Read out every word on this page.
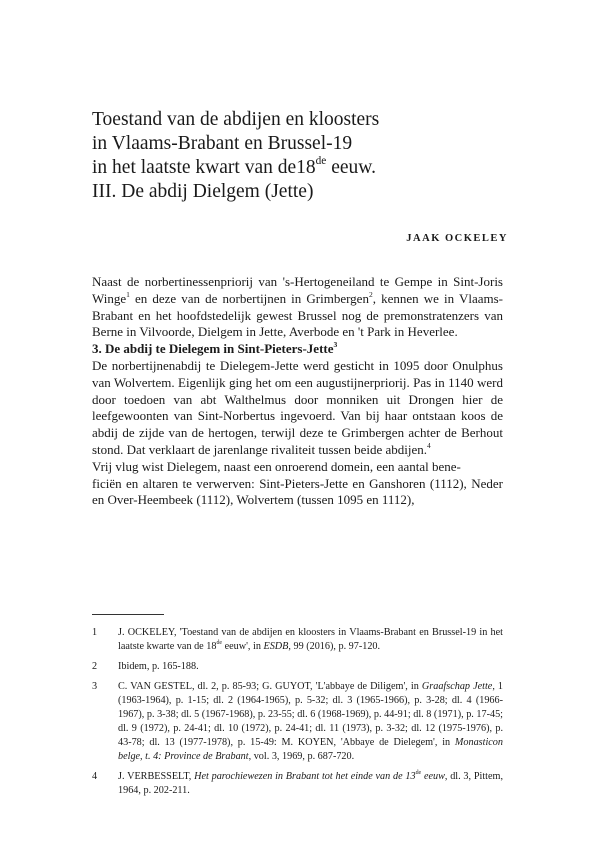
Toestand van de abdijen en kloosters
in Vlaams-Brabant en Brussel-19
in het laatste kwart van de18de eeuw.
III. De abdij Dielgem (Jette)
JAAK OCKELEY

Naast de norbertinessenpriorij van 's-Hertogeneiland te Gempe in Sint-Joris Winge$^1$ en deze van de norbertijnen in Grimbergen$^2$, kennen we in Vlaams-Brabant en het hoofdstedelijk gewest Brussel nog de premonstratenzers van Berne in Vilvoorde, Dielgem in Jette, Averbode en 't Park in Heverlee.

3. De abdij te Dielegem in Sint-Pieters-Jette$^3$

De norbertijnenabdij te Dielegem-Jette werd gesticht in 1095 door Onulphus van Wolvertem. Eigenlijk ging het om een augustijnerpriorij. Pas in 1140 werd door toedoen van abt Walthelmus door monniken uit Drongen hier de leefgewoonten van Sint-Norbertus ingevoerd. Van bij haar ontstaan koos de abdij de zijde van de hertogen, terwijl deze te Grimbergen achter de Berhout stond. Dat verklaart de jarenlange rivaliteit tussen beide abdijen.$^4$

Vrij vlug wist Dielegem, naast een onroerend domein, een aantal bene-
ficiën en altaren te verwerven: Sint-Pieters-Jette en Ganshoren (1112), Neder en Over-Heembeek (1112), Wolvertem (tussen 1095 en 1112),

1	J. OCKELEY, 'Toestand van de abdijen en kloosters in Vlaams-Brabant en Brussel-19 in het laatste kwarte van de 18de eeuw', in ESDB, 99 (2016), p. 97-120.
2	Ibidem, p. 165-188.
3	C. VAN GESTEL, dl. 2, p. 85-93; G. GUYOT, 'L'abbaye de Diligem', in Graafschap Jette, 1 (1963-1964), p. 1-15; dl. 2 (1964-1965), p. 5-32; dl. 3 (1965-1966), p. 3-28; dl. 4 (1966-1967), p. 3-38; dl. 5 (1967-1968), p. 23-55; dl. 6 (1968-1969), p. 44-91; dl. 8 (1971), p. 17-45; dl. 9 (1972), p. 24-41; dl. 10 (1972), p. 24-41; dl. 11 (1973), p. 3-32; dl. 12 (1975-1976), p. 43-78; dl. 13 (1977-1978), p. 15-49: M. KOYEN, 'Abbaye de Dielegem', in Monasticon belge, t. 4: Province de Brabant, vol. 3, 1969, p. 687-720.
4	J. VERBESSELT, Het parochiewezen in Brabant tot het einde van de 13de eeuw, dl. 3, Pittem, 1964, p. 202-211.
